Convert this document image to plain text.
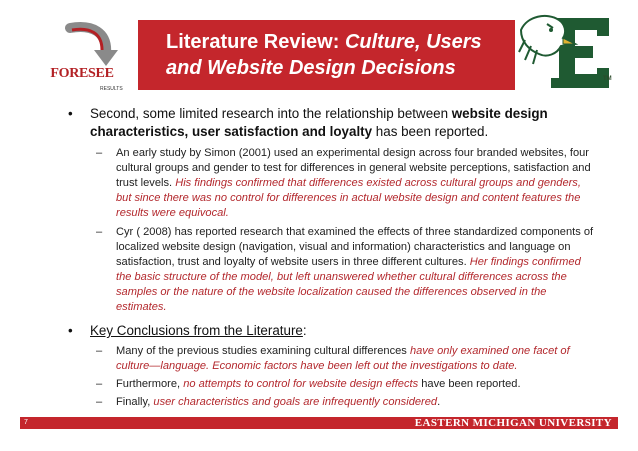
FORESEE
RESULTS
Literature Review: Culture, Users
and Website Design Decisions	TM
• Second, some limited research into the relationship between website design characteristics, user satisfaction and loyalty has been reported.
– An early study by Simon (2001) used an experimental design across four branded websites, four cultural groups and gender to test for differences in general website perceptions, satisfaction and trust levels. His findings confirmed that differences existed across cultural groups and genders, but since there was no control for differences in actual website design and content features the results were equivocal.
– Cyr ( 2008) has reported research that examined the effects of three standardized components of localized website design (navigation, visual and information) characteristics and language on satisfaction, trust and loyalty of website users in three different cultures. Her findings confirmed the basic structure of the model, but left unanswered whether cultural differences across the samples or the nature of the website localization caused the differences observed in the estimates.
• Key Conclusions from the Literature:
– Many of the previous studies examining cultural differences have only examined one facet of culture—language. Economic factors have been left out the investigations to date.
– Furthermore, no attempts to control for website design effects have been reported.
– Finally, user characteristics and goals are infrequently considered.
7	EASTERN MICHIGAN UNIVERSITY
